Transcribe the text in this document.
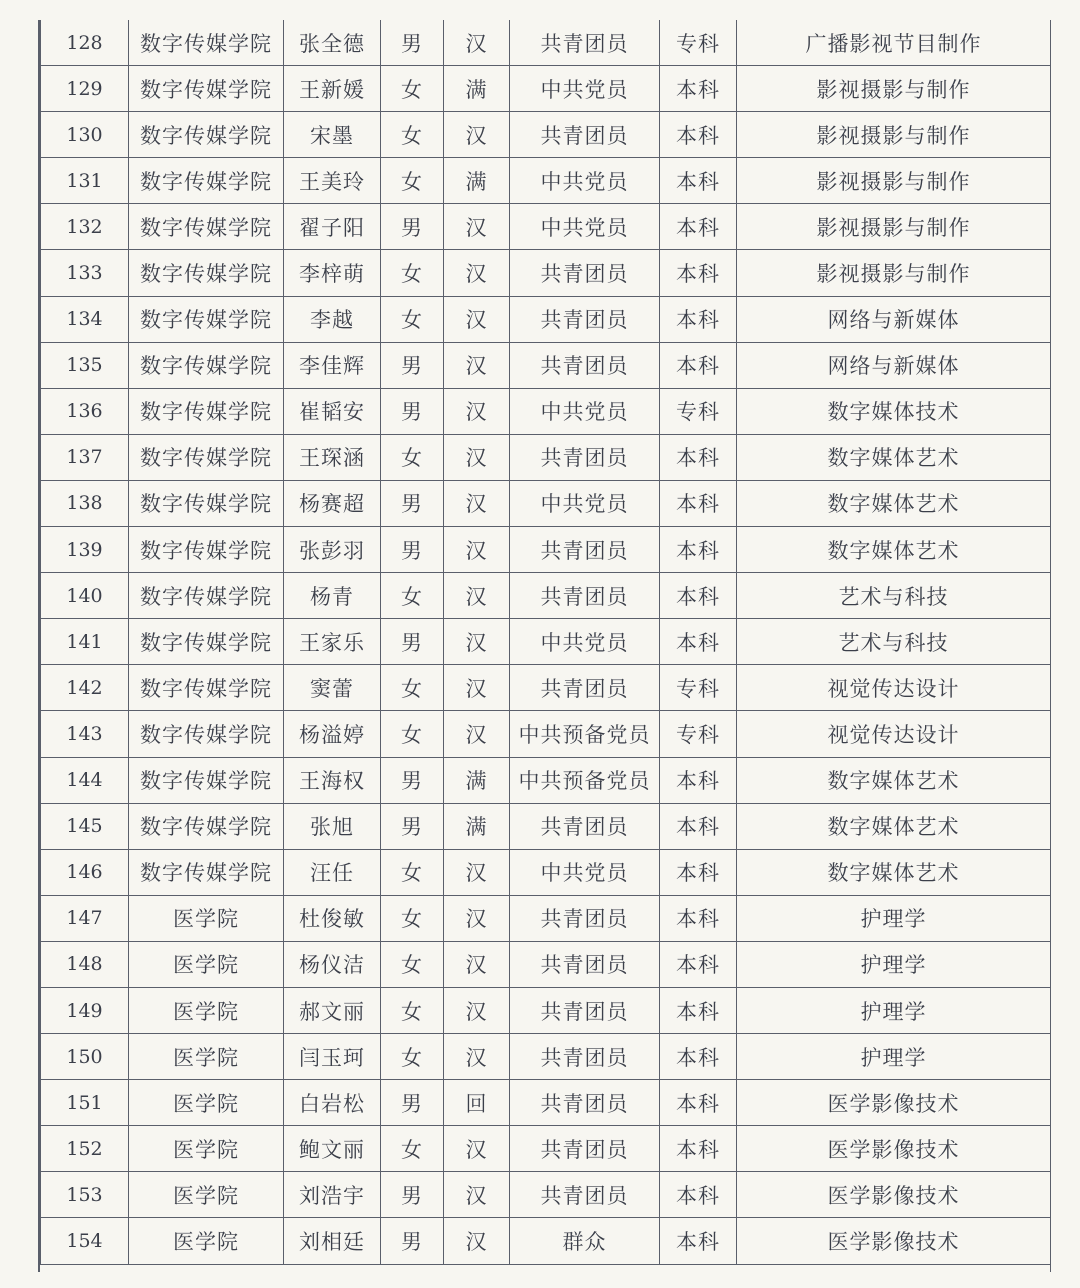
128	数字传媒学院	张全德	男	汉	共青团员	专科	广播影视节目制作
129	数字传媒学院	王新媛	女	满	中共党员	本科	影视摄影与制作
130	数字传媒学院	宋墨	女	汉	共青团员	本科	影视摄影与制作
131	数字传媒学院	王美玲	女	满	中共党员	本科	影视摄影与制作
132	数字传媒学院	翟子阳	男	汉	中共党员	本科	影视摄影与制作
133	数字传媒学院	李梓萌	女	汉	共青团员	本科	影视摄影与制作
134	数字传媒学院	李越	女	汉	共青团员	本科	网络与新媒体
135	数字传媒学院	李佳辉	男	汉	共青团员	本科	网络与新媒体
136	数字传媒学院	崔韬安	男	汉	中共党员	专科	数字媒体技术
137	数字传媒学院	王琛涵	女	汉	共青团员	本科	数字媒体艺术
138	数字传媒学院	杨赛超	男	汉	中共党员	本科	数字媒体艺术
139	数字传媒学院	张彭羽	男	汉	共青团员	本科	数字媒体艺术
140	数字传媒学院	杨青	女	汉	共青团员	本科	艺术与科技
141	数字传媒学院	王家乐	男	汉	中共党员	本科	艺术与科技
142	数字传媒学院	窦蕾	女	汉	共青团员	专科	视觉传达设计
143	数字传媒学院	杨溢婷	女	汉	中共预备党员	专科	视觉传达设计
144	数字传媒学院	王海权	男	满	中共预备党员	本科	数字媒体艺术
145	数字传媒学院	张旭	男	满	共青团员	本科	数字媒体艺术
146	数字传媒学院	汪任	女	汉	中共党员	本科	数字媒体艺术
147	医学院	杜俊敏	女	汉	共青团员	本科	护理学
148	医学院	杨仪洁	女	汉	共青团员	本科	护理学
149	医学院	郝文丽	女	汉	共青团员	本科	护理学
150	医学院	闫玉珂	女	汉	共青团员	本科	护理学
151	医学院	白岩松	男	回	共青团员	本科	医学影像技术
152	医学院	鲍文丽	女	汉	共青团员	本科	医学影像技术
153	医学院	刘浩宇	男	汉	共青团员	本科	医学影像技术
154	医学院	刘相廷	男	汉	群众	本科	医学影像技术
